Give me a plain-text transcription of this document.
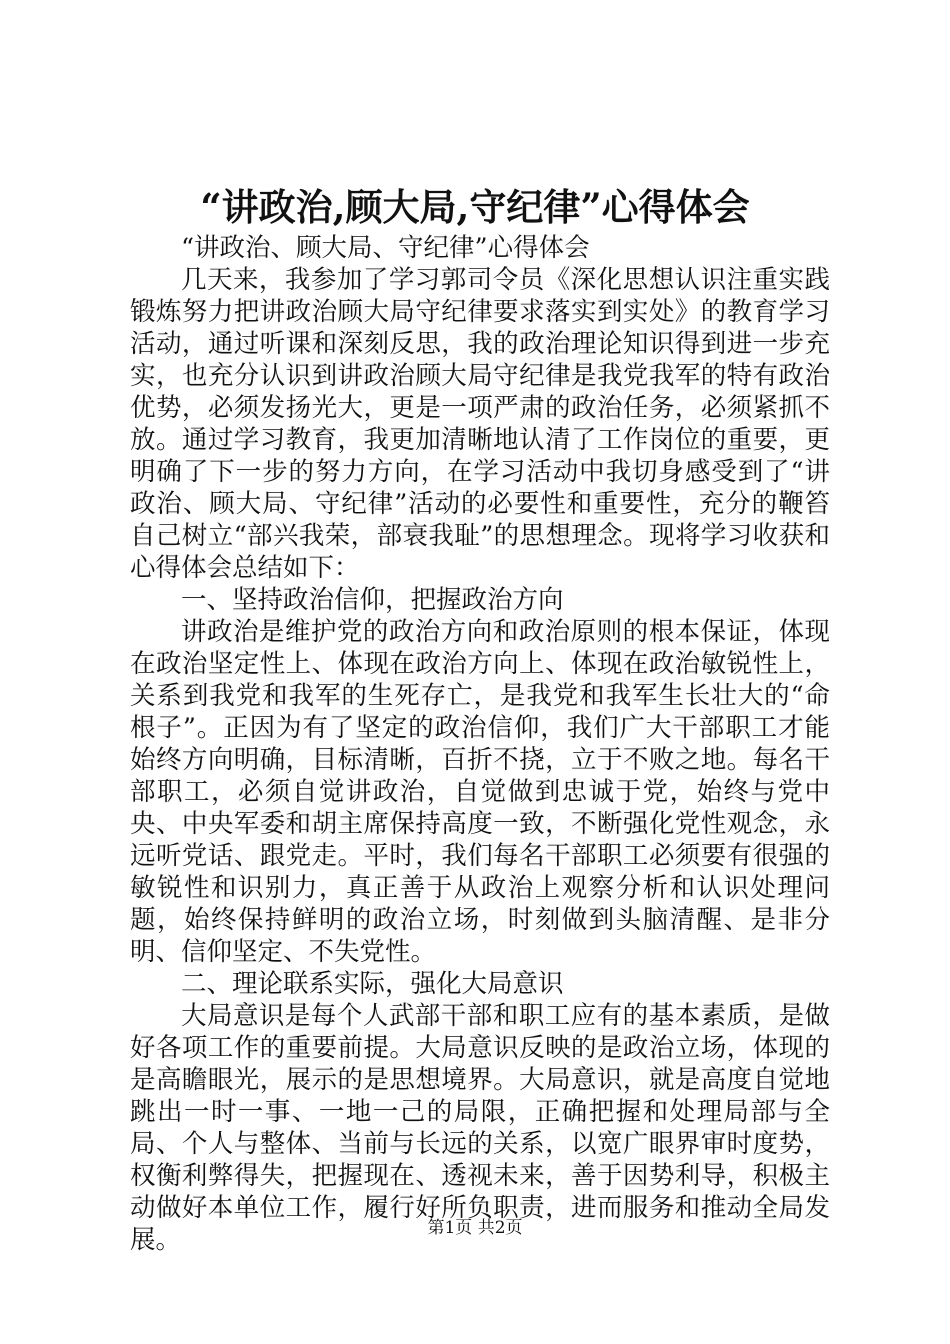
“讲政治,顾大局,守纪律”心得体会

“讲政治、顾大局、守纪律”心得体会

几天来，我参加了学习郭司令员《深化思想认识注重实践锻炼努力把讲政治顾大局守纪律要求落实到实处》的教育学习活动，通过听课和深刻反思，我的政治理论知识得到进一步充实，也充分认识到讲政治顾大局守纪律是我党我军的特有政治优势，必须发扬光大，更是一项严肃的政治任务，必须紧抓不放。通过学习教育，我更加清晰地认清了工作岗位的重要，更明确了下一步的努力方向，在学习活动中我切身感受到了“讲政治、顾大局、守纪律”活动的必要性和重要性，充分的鞭笞自己树立“部兴我荣，部衰我耻”的思想理念。现将学习收获和心得体会总结如下：

一、坚持政治信仰，把握政治方向

讲政治是维护党的政治方向和政治原则的根本保证，体现在政治坚定性上、体现在政治方向上、体现在政治敏锐性上，关系到我党和我军的生死存亡，是我党和我军生长壮大的“命根子”。正因为有了坚定的政治信仰，我们广大干部职工才能始终方向明确，目标清晰，百折不挠，立于不败之地。每名干部职工，必须自觉讲政治，自觉做到忠诚于党，始终与党中央、中央军委和胡主席保持高度一致，不断强化党性观念，永远听党话、跟党走。平时，我们每名干部职工必须要有很强的敏锐性和识别力，真正善于从政治上观察分析和认识处理问题，始终保持鲜明的政治立场，时刻做到头脑清醒、是非分明、信仰坚定、不失党性。

二、理论联系实际，强化大局意识

大局意识是每个人武部干部和职工应有的基本素质，是做好各项工作的重要前提。大局意识反映的是政治立场，体现的是高瞻眼光，展示的是思想境界。大局意识，就是高度自觉地跳出一时一事、一地一己的局限，正确把握和处理局部与全局、个人与整体、当前与长远的关系，以宽广眼界审时度势，权衡利弊得失，把握现在、透视未来，善于因势利导，积极主动做好本单位工作，履行好所负职责，进而服务和推动全局发展。	第1页 共2页
